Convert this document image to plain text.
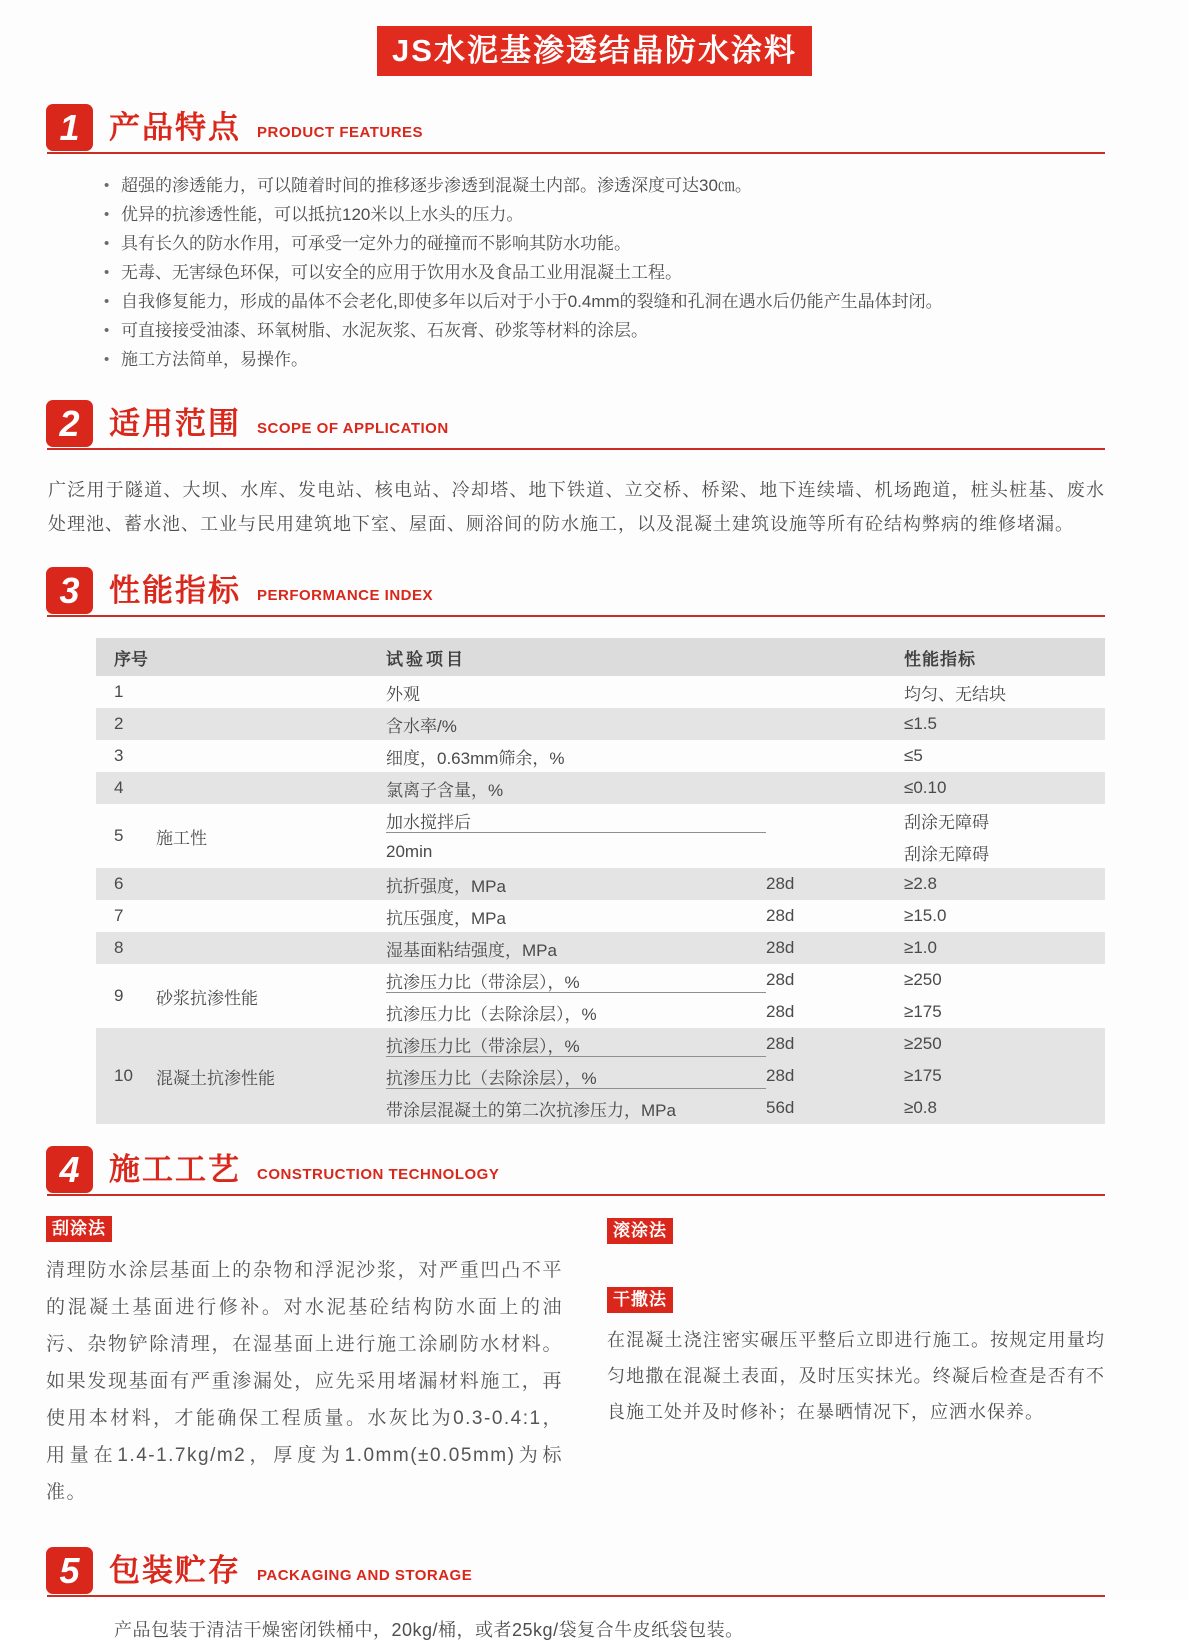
JS水泥基渗透结晶防水涂料
1 产品特点 PRODUCT FEATURES
• 超强的渗透能力，可以随着时间的推移逐步渗透到混凝土内部。渗透深度可达30㎝。
• 优异的抗渗透性能，可以抵抗120米以上水头的压力。
• 具有长久的防水作用，可承受一定外力的碰撞而不影响其防水功能。
• 无毒、无害绿色环保，可以安全的应用于饮用水及食品工业用混凝土工程。
• 自我修复能力，形成的晶体不会老化,即使多年以后对于小于0.4mm的裂缝和孔洞在遇水后仍能产生晶体封闭。
• 可直接接受油漆、环氧树脂、水泥灰浆、石灰膏、砂浆等材料的涂层。
• 施工方法简单，易操作。
2 适用范围 SCOPE OF APPLICATION

广泛用于隧道、大坝、水库、发电站、核电站、冷却塔、地下铁道、立交桥、桥梁、地下连续墙、机场跑道，桩头桩基、废水处理池、蓄水池、工业与民用建筑地下室、屋面、厕浴间的防水施工，以及混凝土建筑设施等所有砼结构弊病的维修堵漏。

3 性能指标 PERFORMANCE INDEX
序号	试验项目	性能指标
1	外观	均匀、无结块
2	含水率/%	≤1.5
3	细度，0.63mm筛余，%	≤5
4	氯离子含量，%	≤0.10
5	施工性
加水搅拌后	刮涂无障碍
20min	刮涂无障碍
6	抗折强度，MPa	28d	≥2.8
7	抗压强度，MPa	28d	≥15.0
8	湿基面粘结强度，MPa	28d	≥1.0
9	砂浆抗渗性能
抗渗压力比（带涂层），%	28d	≥250
抗渗压力比（去除涂层），%	28d	≥175
10	混凝土抗渗性能
抗渗压力比（带涂层），%	28d	≥250
抗渗压力比（去除涂层），%	28d	≥175
带涂层混凝土的第二次抗渗压力，MPa	56d	≥0.8
4 施工工艺 CONSTRUCTION TECHNOLOGY
刮涂法

清理防水涂层基面上的杂物和浮泥沙浆，对严重凹凸不平的混凝土基面进行修补。对水泥基砼结构防水面上的油污、杂物铲除清理，在湿基面上进行施工涂刷防水材料。如果发现基面有严重渗漏处，应先采用堵漏材料施工，再使用本材料，才能确保工程质量。水灰比为0.3-0.4:1，用量在1.4-1.7kg/m2，厚度为1.0mm(±0.05mm)为标准。

滚涂法
干撒法

在混凝土浇注密实碾压平整后立即进行施工。按规定用量均匀地撒在混凝土表面，及时压实抹光。终凝后检查是否有不良施工处并及时修补；在暴晒情况下，应洒水保养。

5 包装贮存 PACKAGING AND STORAGE

产品包装于清洁干燥密闭铁桶中，20kg/桶，或者25kg/袋复合牛皮纸袋包装。
